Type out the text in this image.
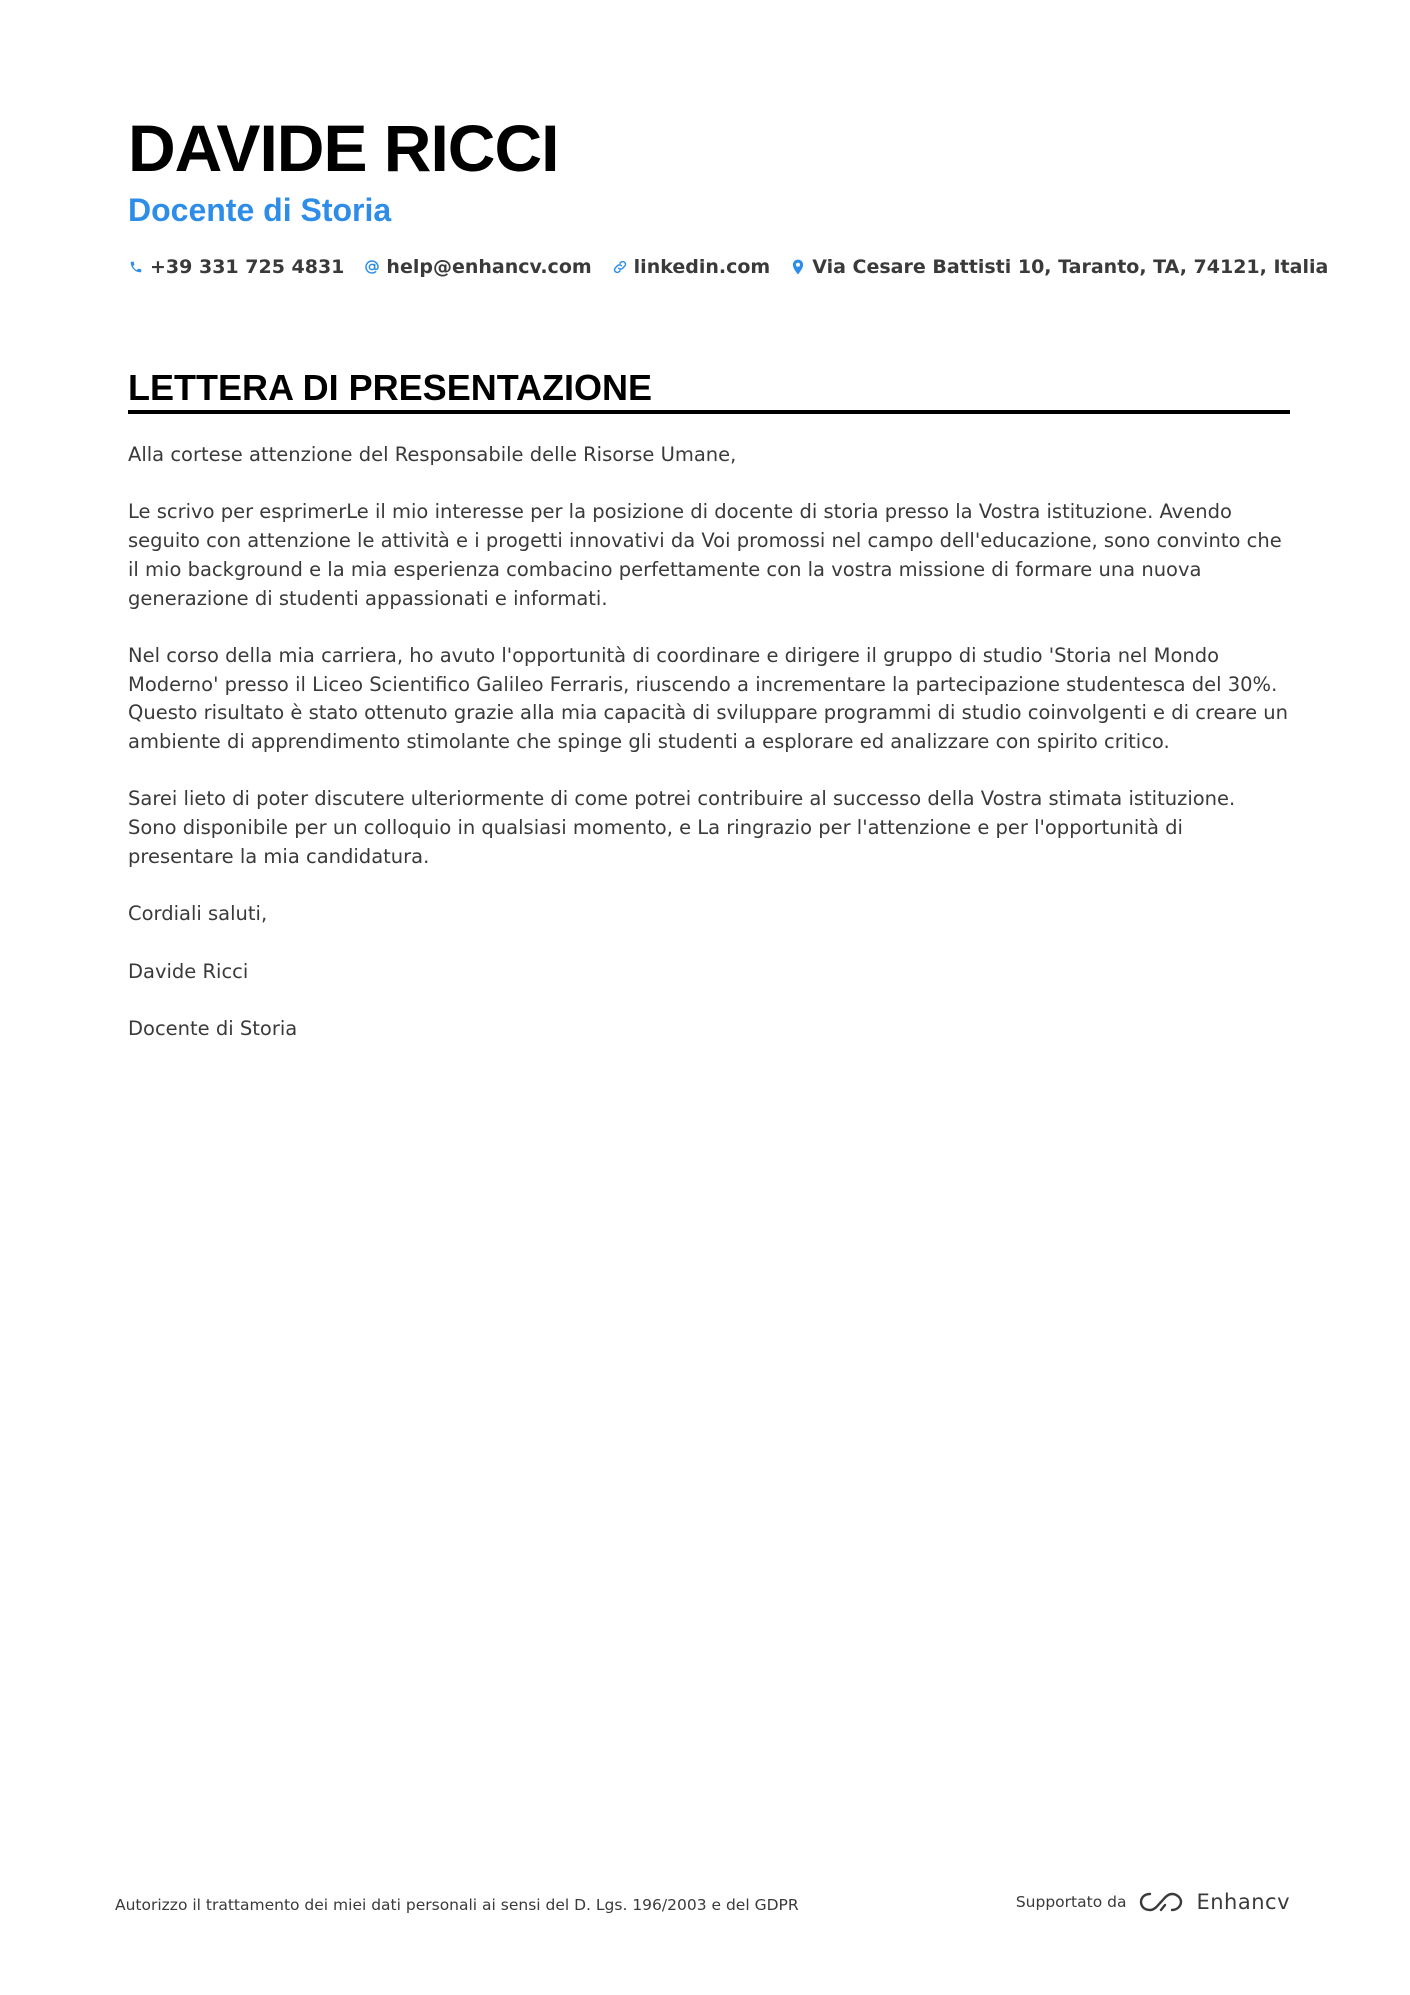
DAVIDE RICCI
Docente di Storia
+39 331 725 4831 help@enhancv.com linkedin.com Via Cesare Battisti 10, Taranto, TA, 74121, Italia
LETTERA DI PRESENTAZIONE

Alla cortese attenzione del Responsabile delle Risorse Umane,

Le scrivo per esprimerLe il mio interesse per la posizione di docente di storia presso la Vostra istituzione. Avendo seguito con attenzione le attività e i progetti innovativi da Voi promossi nel campo dell'educazione, sono convinto che il mio background e la mia esperienza combacino perfettamente con la vostra missione di formare una nuova generazione di studenti appassionati e informati.

Nel corso della mia carriera, ho avuto l'opportunità di coordinare e dirigere il gruppo di studio 'Storia nel Mondo Moderno' presso il Liceo Scientifico Galileo Ferraris, riuscendo a incrementare la partecipazione studentesca del 30%. Questo risultato è stato ottenuto grazie alla mia capacità di sviluppare programmi di studio coinvolgenti e di creare un ambiente di apprendimento stimolante che spinge gli studenti a esplorare ed analizzare con spirito critico.

Sarei lieto di poter discutere ulteriormente di come potrei contribuire al successo della Vostra stimata istituzione. Sono disponibile per un colloquio in qualsiasi momento, e La ringrazio per l'attenzione e per l'opportunità di presentare la mia candidatura.

Cordiali saluti,

Davide Ricci

Docente di Storia

Autorizzo il trattamento dei miei dati personali ai sensi del D. Lgs. 196/2003 e del GDPR	Supportato da	Enhancv
